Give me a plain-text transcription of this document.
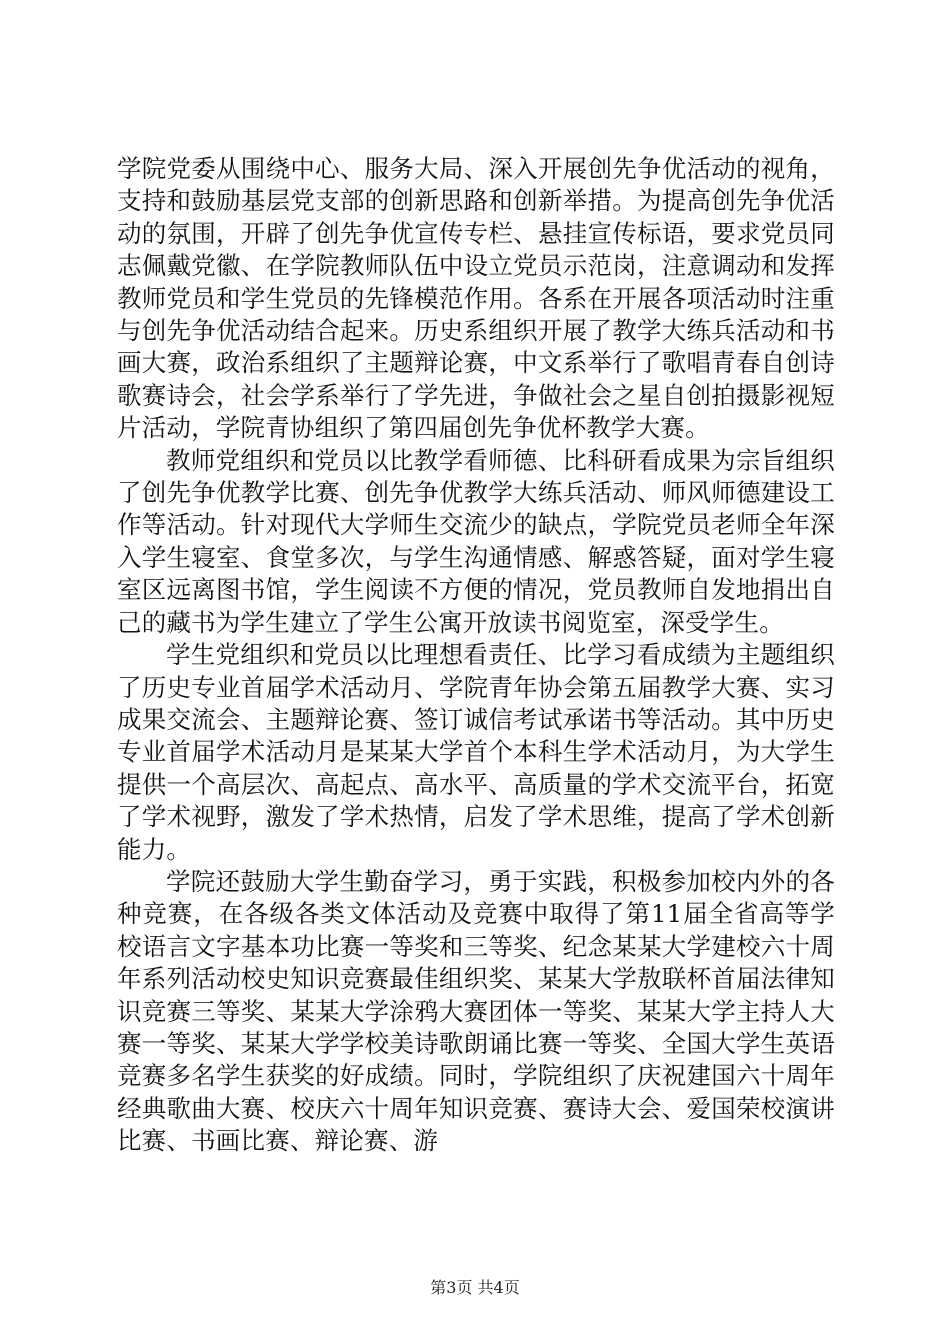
学院党委从围绕中心、服务大局、深入开展创先争优活动的视角，支持和鼓励基层党支部的创新思路和创新举措。为提高创先争优活动的氛围，开辟了创先争优宣传专栏、悬挂宣传标语，要求党员同志佩戴党徽、在学院教师队伍中设立党员示范岗，注意调动和发挥教师党员和学生党员的先锋模范作用。各系在开展各项活动时注重与创先争优活动结合起来。历史系组织开展了教学大练兵活动和书画大赛，政治系组织了主题辩论赛，中文系举行了歌唱青春自创诗歌赛诗会，社会学系举行了学先进，争做社会之星自创拍摄影视短片活动，学院青协组织了第四届创先争优杯教学大赛。

教师党组织和党员以比教学看师德、比科研看成果为宗旨组织了创先争优教学比赛、创先争优教学大练兵活动、师风师德建设工作等活动。针对现代大学师生交流少的缺点，学院党员老师全年深入学生寝室、食堂多次，与学生沟通情感、解惑答疑，面对学生寝室区远离图书馆，学生阅读不方便的情况，党员教师自发地捐出自己的藏书为学生建立了学生公寓开放读书阅览室，深受学生。

学生党组织和党员以比理想看责任、比学习看成绩为主题组织了历史专业首届学术活动月、学院青年协会第五届教学大赛、实习成果交流会、主题辩论赛、签订诚信考试承诺书等活动。其中历史专业首届学术活动月是某某大学首个本科生学术活动月，为大学生提供一个高层次、高起点、高水平、高质量的学术交流平台，拓宽了学术视野，激发了学术热情，启发了学术思维，提高了学术创新能力。

学院还鼓励大学生勤奋学习，勇于实践，积极参加校内外的各种竞赛，在各级各类文体活动及竞赛中取得了第11届全省高等学校语言文字基本功比赛一等奖和三等奖、纪念某某大学建校六十周年系列活动校史知识竞赛最佳组织奖、某某大学敖联杯首届法律知识竞赛三等奖、某某大学涂鸦大赛团体一等奖、某某大学主持人大赛一等奖、某某大学学校美诗歌朗诵比赛一等奖、全国大学生英语竞赛多名学生获奖的好成绩。同时，学院组织了庆祝建国六十周年经典歌曲大赛、校庆六十周年知识竞赛、赛诗大会、爱国荣校演讲比赛、书画比赛、辩论赛、游

第3页 共4页
